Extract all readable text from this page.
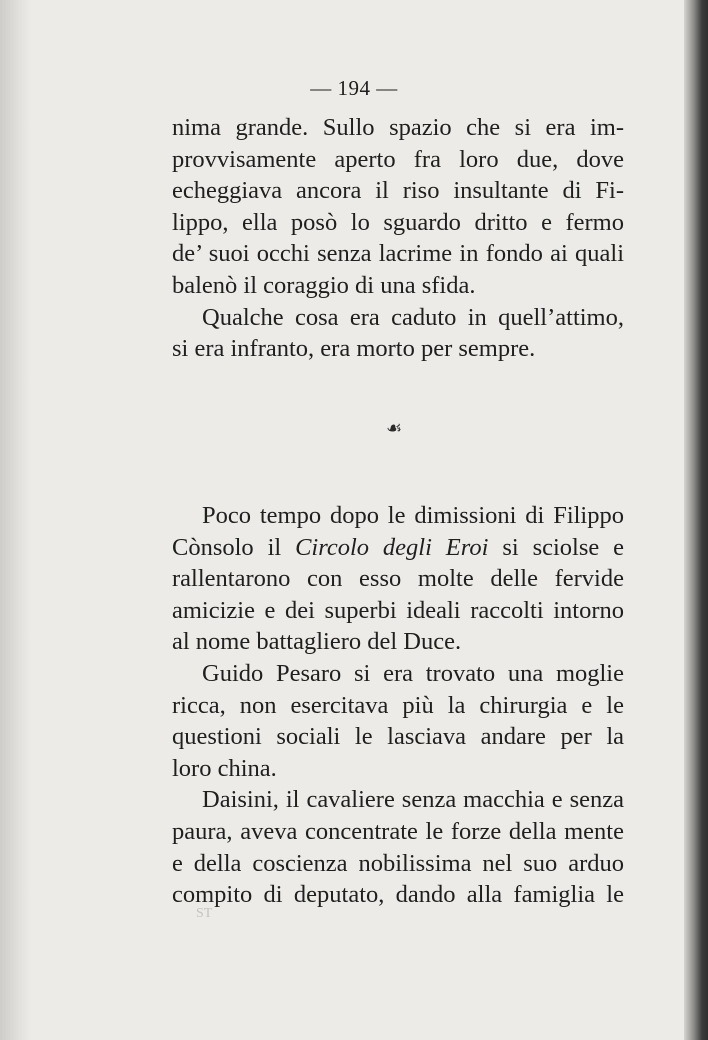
— 194 —
nima grande. Sullo spazio che si era im-
provvisamente aperto fra loro due, dove
echeggiava ancora il riso insultante di Fi-
lippo, ella posò lo sguardo dritto e fermo
de’ suoi occhi senza lacrime in fondo ai quali
balenò il coraggio di una sfida.
Qualche cosa era caduto in quell’attimo,
si era infranto, era morto per sempre.
☙
Poco tempo dopo le dimissioni di Filippo
Cònsolo il Circolo degli Eroi si sciolse e
rallentarono con esso molte delle fervide
amicizie e dei superbi ideali raccolti intorno
al nome battagliero del Duce.
Guido Pesaro si era trovato una moglie
ricca, non esercitava più la chirurgia e le
questioni sociali le lasciava andare per la
loro china.
Daisini, il cavaliere senza macchia e senza
paura, aveva concentrate le forze della mente
e della coscienza nobilissima nel suo arduo
compito di deputato, dando alla famiglia le
ST
